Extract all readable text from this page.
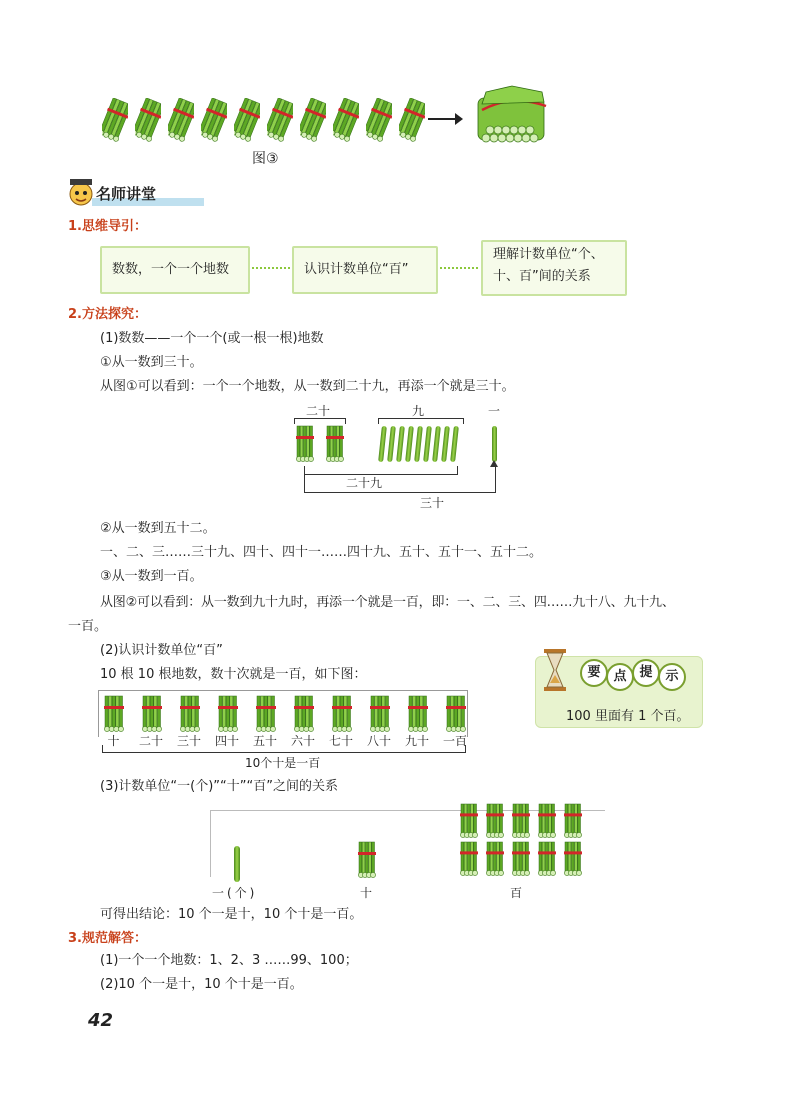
图③
名师讲堂
1.思维导引：
数数，一个一个地数	认识计数单位“百”
理解计数单位“个、
十、百”间的关系
2.方法探究：
(1)数数——一个一个(或一根一根)地数
①从一数到三十。
从图①可以看到：一个一个地数，从一数到二十九，再添一个就是三十。
二十	九	一
二十九
三十
②从一数到五十二。
一、二、三……三十九、四十、四十一……四十九、五十、五十一、五十二。
③从一数到一百。
从图②可以看到：从一数到九十九时，再添一个就是一百，即：一、二、三、四……九十八、九十九、
一百。
(2)认识计数单位“百”
10 根 10 根地数，数十次就是一百，如下图：
十 二十 三十 四十 五十 六十 七十 八十 九十 一百
10个十是一百
要 点 提 示
100 里面有 1 个百。
(3)计数单位“一(个)”“十”“百”之间的关系
一(个)	十	百
可得出结论：10 个一是十，10 个十是一百。
3.规范解答：
(1)一个一个地数：1、2、3 ……99、100；
(2)10 个一是十，10 个十是一百。
42
